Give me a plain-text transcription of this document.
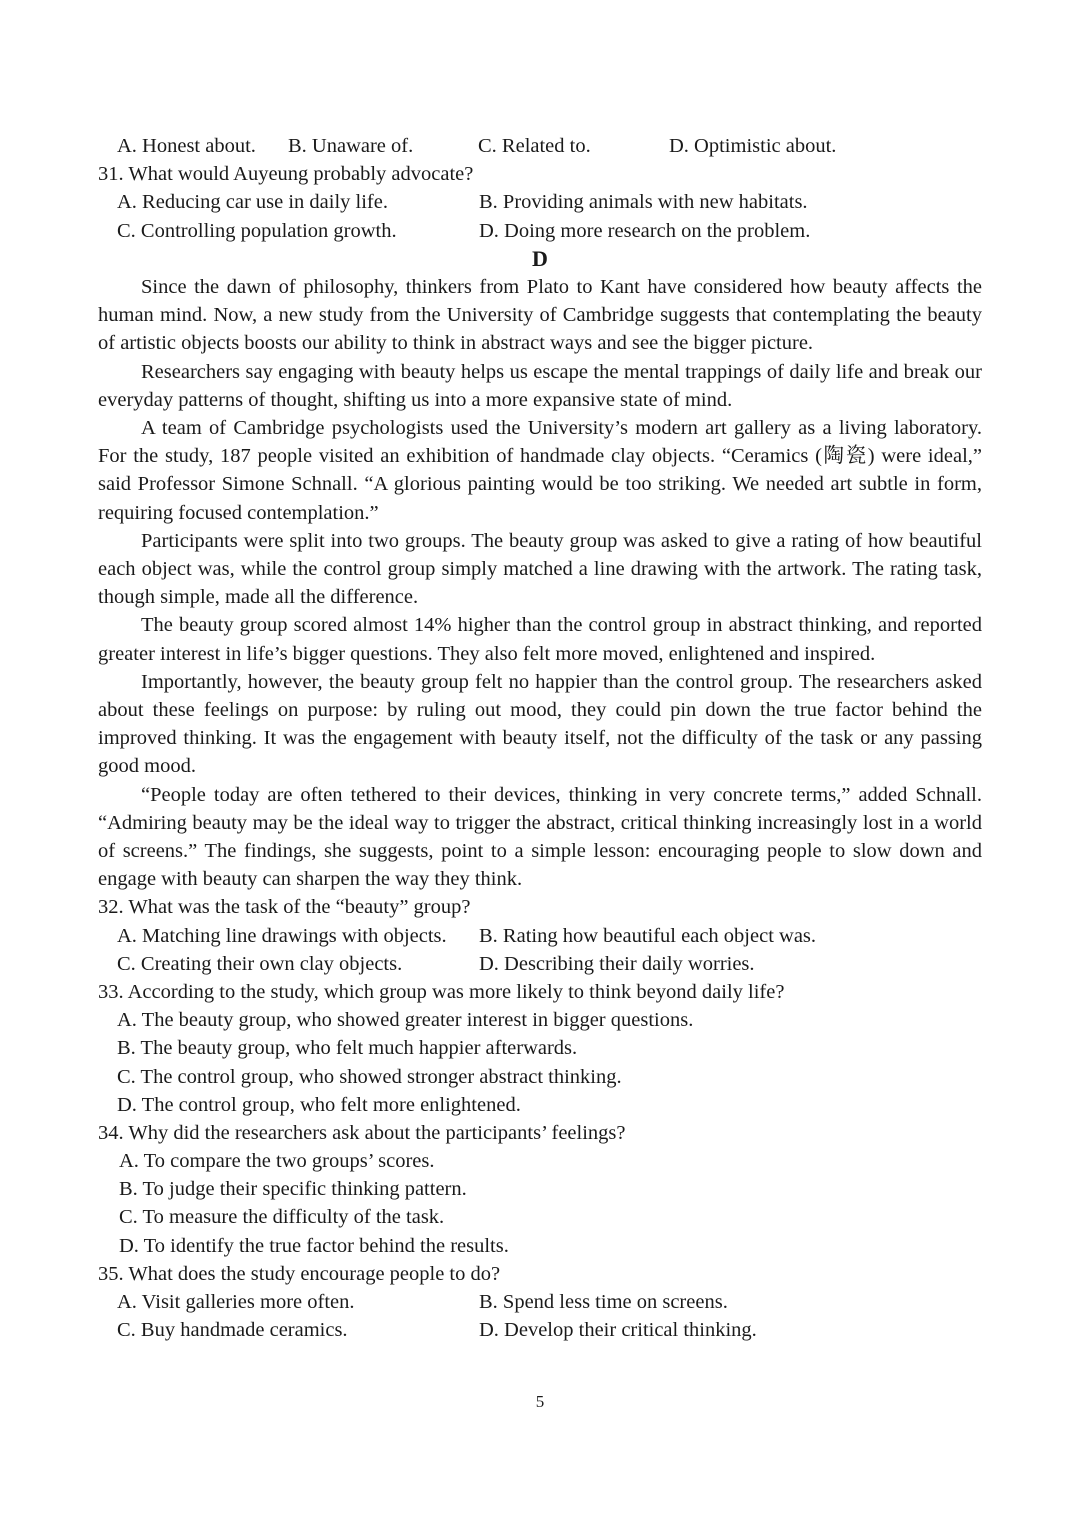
A. Honest about.	B. Unaware of.	C. Related to.	D. Optimistic about.
31. What would Auyeung probably advocate?
A. Reducing car use in daily life.	B. Providing animals with new habitats.
C. Controlling population growth.	D. Doing more research on the problem.
D

Since the dawn of philosophy, thinkers from Plato to Kant have considered how beauty affects the human mind. Now, a new study from the University of Cambridge suggests that contemplating the beauty of artistic objects boosts our ability to think in abstract ways and see the bigger picture.

Researchers say engaging with beauty helps us escape the mental trappings of daily life and break our everyday patterns of thought, shifting us into a more expansive state of mind.

A team of Cambridge psychologists used the University’s modern art gallery as a living laboratory. For the study, 187 people visited an exhibition of handmade clay objects. “Ceramics (陶瓷) were ideal,” said Professor Simone Schnall. “A glorious painting would be too striking. We needed art subtle in form, requiring focused contemplation.”

Participants were split into two groups. The beauty group was asked to give a rating of how beautiful each object was, while the control group simply matched a line drawing with the artwork. The rating task, though simple, made all the difference.

The beauty group scored almost 14% higher than the control group in abstract thinking, and reported greater interest in life’s bigger questions. They also felt more moved, enlightened and inspired.

Importantly, however, the beauty group felt no happier than the control group. The researchers asked about these feelings on purpose: by ruling out mood, they could pin down the true factor behind the improved thinking. It was the engagement with beauty itself, not the difficulty of the task or any passing good mood.

“People today are often tethered to their devices, thinking in very concrete terms,” added Schnall. “Admiring beauty may be the ideal way to trigger the abstract, critical thinking increasingly lost in a world of screens.” The findings, she suggests, point to a simple lesson: encouraging people to slow down and engage with beauty can sharpen the way they think.

32. What was the task of the “beauty” group?
A. Matching line drawings with objects.	B. Rating how beautiful each object was.
C. Creating their own clay objects.	D. Describing their daily worries.
33. According to the study, which group was more likely to think beyond daily life?
A. The beauty group, who showed greater interest in bigger questions.
B. The beauty group, who felt much happier afterwards.
C. The control group, who showed stronger abstract thinking.
D. The control group, who felt more enlightened.
34. Why did the researchers ask about the participants’ feelings?
A. To compare the two groups’ scores.
B. To judge their specific thinking pattern.
C. To measure the difficulty of the task.
D. To identify the true factor behind the results.
35. What does the study encourage people to do?
A. Visit galleries more often.	B. Spend less time on screens.
C. Buy handmade ceramics.	D. Develop their critical thinking.
5
